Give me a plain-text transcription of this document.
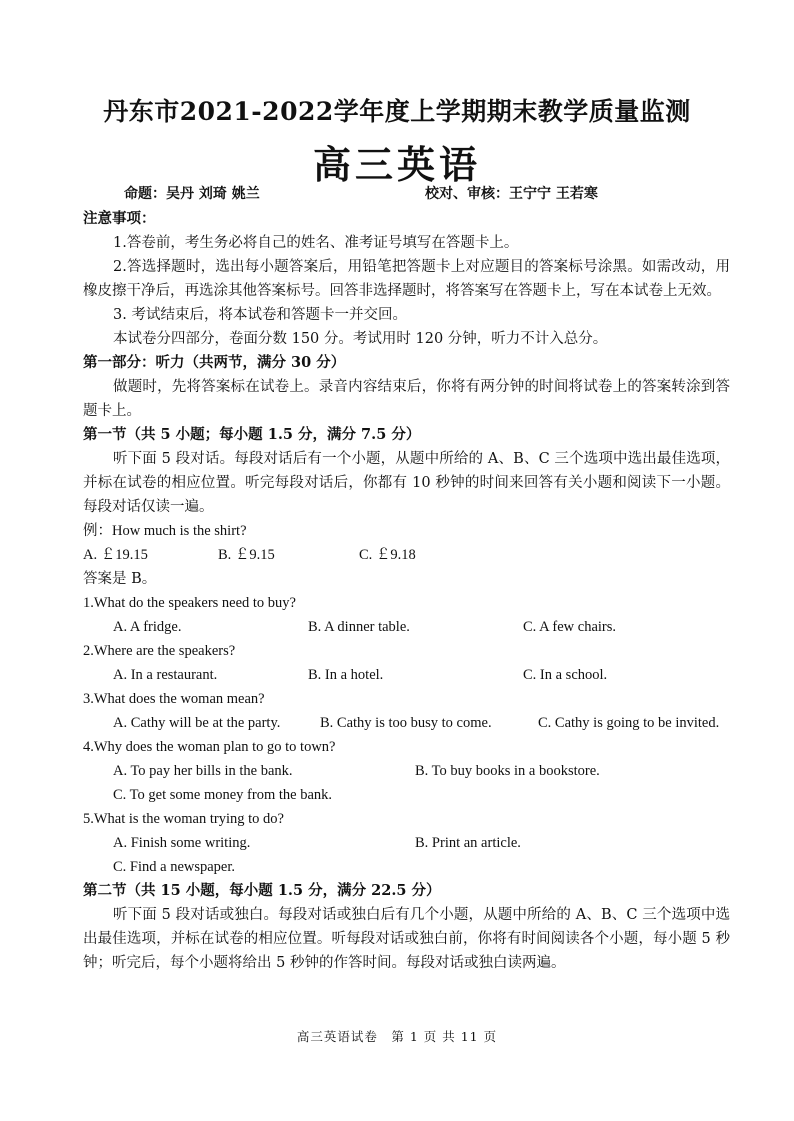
丹东市2021-2022学年度上学期期末教学质量监测
高三英语
命题：吴丹 刘琦 姚兰	校对、审核：王宁宁 王若寒
注意事项：
1.答卷前，考生务必将自己的姓名、准考证号填写在答题卡上。
2.答选择题时，选出每小题答案后，用铅笔把答题卡上对应题目的答案标号涂黑。如需改动，用橡皮擦干净后，再选涂其他答案标号。回答非选择题时，将答案写在答题卡上，写在本试卷上无效。
3. 考试结束后，将本试卷和答题卡一并交回。
本试卷分四部分，卷面分数 150 分。考试用时 120 分钟，听力不计入总分。
第一部分：听力（共两节，满分 30 分）
做题时，先将答案标在试卷上。录音内容结束后，你将有两分钟的时间将试卷上的答案转涂到答题卡上。
第一节（共 5 小题；每小题 1.5 分，满分 7.5 分）
听下面 5 段对话。每段对话后有一个小题，从题中所给的 A、B、C 三个选项中选出最佳选项，并标在试卷的相应位置。听完每段对话后，你都有 10 秒钟的时间来回答有关小题和阅读下一小题。每段对话仅读一遍。
例：How much is the shirt?
A. ￡19.15	B. ￡9.15	C. ￡9.18
答案是 B。
1.What do the speakers need to buy?
A. A fridge.	B. A dinner table.	C. A few chairs.
2.Where are the speakers?
A. In a restaurant.	B. In a hotel.	C. In a school.
3.What does the woman mean?
A. Cathy will be at the party.	B. Cathy is too busy to come.	C. Cathy is going to be invited.
4.Why does the woman plan to go to town?
A. To pay her bills in the bank.	B. To buy books in a bookstore.
C. To get some money from the bank.
5.What is the woman trying to do?
A. Finish some writing.	B. Print an article.
C. Find a newspaper.
第二节（共 15 小题，每小题 1.5 分，满分 22.5 分）
听下面 5 段对话或独白。每段对话或独白后有几个小题，从题中所给的 A、B、C 三个选项中选出最佳选项，并标在试卷的相应位置。听每段对话或独白前，你将有时间阅读各个小题，每小题 5 秒钟；听完后，每个小题将给出 5 秒钟的作答时间。每段对话或独白读两遍。
高三英语试卷　第 1 页 共 11 页
